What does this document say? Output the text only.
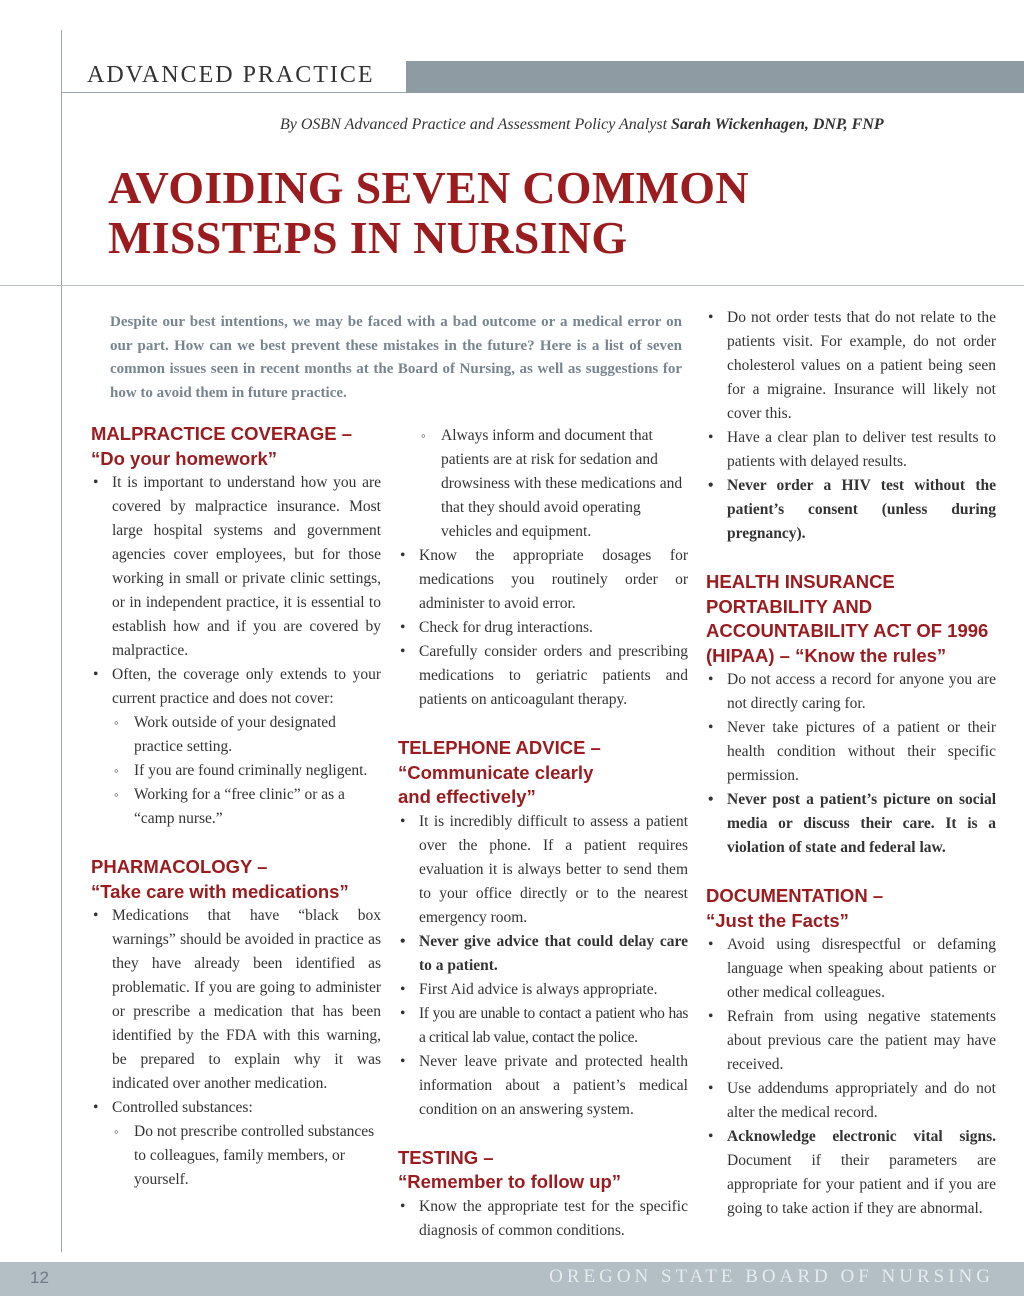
ADVANCED PRACTICE
By OSBN Advanced Practice and Assessment Policy Analyst Sarah Wickenhagen, DNP, FNP
AVOIDING SEVEN COMMON
MISSTEPS IN NURSING
Despite our best intentions, we may be faced with a bad outcome or a medical error on our part. How can we best prevent these mistakes in the future? Here is a list of seven common issues seen in recent months at the Board of Nursing, as well as suggestions for how to avoid them in future practice.
MALPRACTICE COVERAGE –
“Do your homework”
• It is important to understand how you are covered by malpractice insurance. Most large hospital systems and government agencies cover employees, but for those working in small or private clinic settings, or in independent practice, it is essential to establish how and if you are covered by malpractice.
• Often, the coverage only extends to your current practice and does not cover:
◦ Work outside of your designated practice setting.
◦ If you are found criminally negligent.
◦ Working for a “free clinic” or as a “camp nurse.”
PHARMACOLOGY –
“Take care with medications”
• Medications that have “black box warnings” should be avoided in practice as they have already been identified as problematic. If you are going to administer or prescribe a medication that has been identified by the FDA with this warning, be prepared to explain why it was indicated over another medication.
• Controlled substances:
◦ Do not prescribe controlled substances to colleagues, family members, or yourself.
◦ Always inform and document that patients are at risk for sedation and drowsiness with these medications and that they should avoid operating vehicles and equipment.
• Know the appropriate dosages for medications you routinely order or administer to avoid error.
• Check for drug interactions.
• Carefully consider orders and prescribing medications to geriatric patients and patients on anticoagulant therapy.
TELEPHONE ADVICE –
“Communicate clearly
and effectively”
• It is incredibly difficult to assess a patient over the phone. If a patient requires evaluation it is always better to send them to your office directly or to the nearest emergency room.
• Never give advice that could delay care to a patient.
• First Aid advice is always appropriate.
• If you are unable to contact a patient who has a critical lab value, contact the police.
• Never leave private and protected health information about a patient’s medical condition on an answering system.
TESTING –
“Remember to follow up”
• Know the appropriate test for the specific diagnosis of common conditions.
• Do not order tests that do not relate to the patients visit. For example, do not order cholesterol values on a patient being seen for a migraine. Insurance will likely not cover this.
• Have a clear plan to deliver test results to patients with delayed results.
• Never order a HIV test without the patient’s consent (unless during pregnancy).
HEALTH INSURANCE
PORTABILITY AND
ACCOUNTABILITY ACT OF 1996
(HIPAA) – “Know the rules”
• Do not access a record for anyone you are not directly caring for.
• Never take pictures of a patient or their health condition without their specific permission.
• Never post a patient’s picture on social media or discuss their care. It is a violation of state and federal law.
DOCUMENTATION –
“Just the Facts”
• Avoid using disrespectful or defaming language when speaking about patients or other medical colleagues.
• Refrain from using negative statements about previous care the patient may have received.
• Use addendums appropriately and do not alter the medical record.
• Acknowledge electronic vital signs. Document if their parameters are appropriate for your patient and if you are going to take action if they are abnormal.
12	OREGON STATE BOARD OF NURSING
